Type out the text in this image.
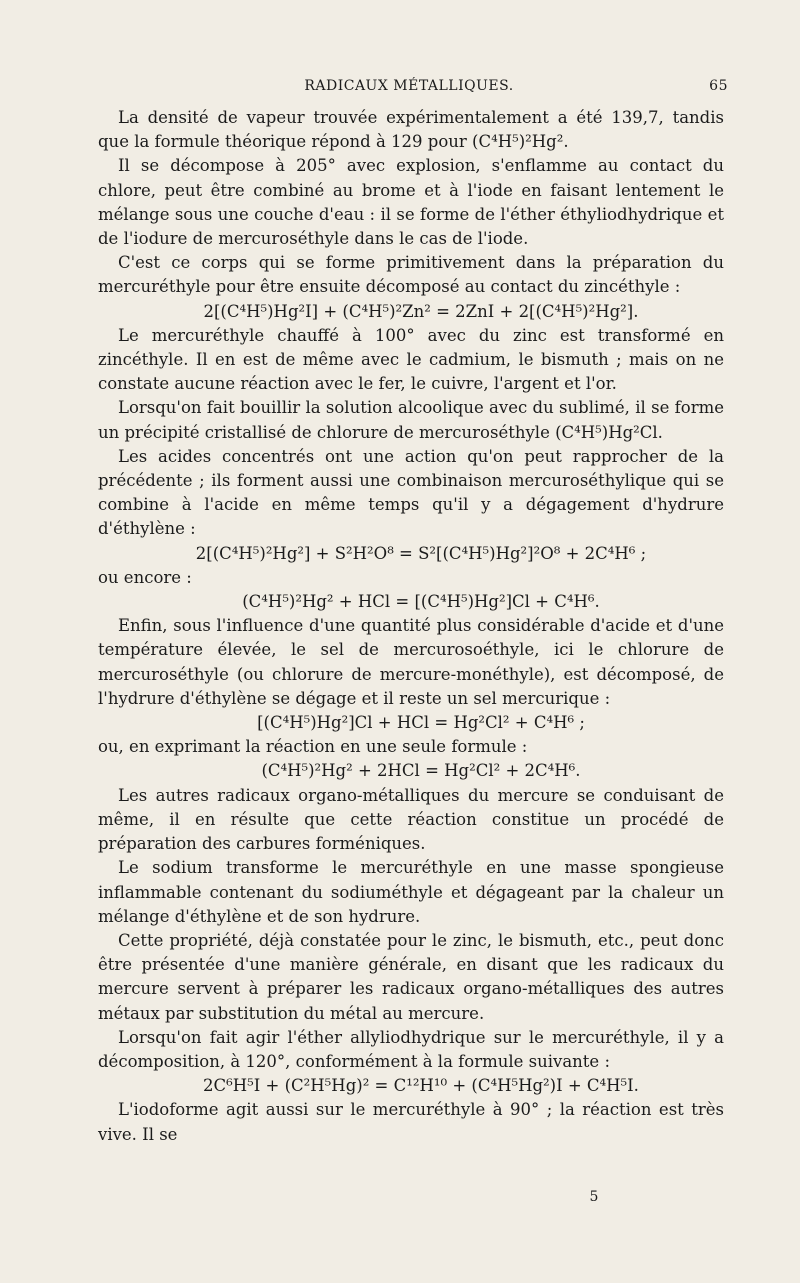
RADICAUX MÉTALLIQUES.	65

La densité de vapeur trouvée expérimentalement a été 139,7, tandis que la formule théorique répond à 129 pour (C⁴H⁵)²Hg².

Il se décompose à 205° avec explosion, s'enflamme au contact du chlore, peut être combiné au brome et à l'iode en faisant lentement le mélange sous une couche d'eau : il se forme de l'éther éthyliodhydrique et de l'iodure de mercuroséthyle dans le cas de l'iode.

C'est ce corps qui se forme primitivement dans la préparation du mercuréthyle pour être ensuite décomposé au contact du zincéthyle :

2[(C⁴H⁵)Hg²I] + (C⁴H⁵)²Zn² = 2ZnI + 2[(C⁴H⁵)²Hg²].

Le mercuréthyle chauffé à 100° avec du zinc est transformé en zincéthyle. Il en est de même avec le cadmium, le bismuth ; mais on ne constate aucune réaction avec le fer, le cuivre, l'argent et l'or.

Lorsqu'on fait bouillir la solution alcoolique avec du sublimé, il se forme un précipité cristallisé de chlorure de mercuroséthyle (C⁴H⁵)Hg²Cl.

Les acides concentrés ont une action qu'on peut rapprocher de la précédente ; ils forment aussi une combinaison mercuroséthylique qui se combine à l'acide en même temps qu'il y a dégagement d'hydrure d'éthylène :

2[(C⁴H⁵)²Hg²] + S²H²O⁸ = S²[(C⁴H⁵)Hg²]²O⁸ + 2C⁴H⁶ ;

ou encore :

(C⁴H⁵)²Hg² + HCl = [(C⁴H⁵)Hg²]Cl + C⁴H⁶.

Enfin, sous l'influence d'une quantité plus considérable d'acide et d'une température élevée, le sel de mercurosoéthyle, ici le chlorure de mercuroséthyle (ou chlorure de mercure-monéthyle), est décomposé, de l'hydrure d'éthylène se dégage et il reste un sel mercurique :

[(C⁴H⁵)Hg²]Cl + HCl = Hg²Cl² + C⁴H⁶ ;

ou, en exprimant la réaction en une seule formule :

(C⁴H⁵)²Hg² + 2HCl = Hg²Cl² + 2C⁴H⁶.

Les autres radicaux organo-métalliques du mercure se conduisant de même, il en résulte que cette réaction constitue un procédé de préparation des carbures forméniques.

Le sodium transforme le mercuréthyle en une masse spongieuse inflammable contenant du sodiuméthyle et dégageant par la chaleur un mélange d'éthylène et de son hydrure.

Cette propriété, déjà constatée pour le zinc, le bismuth, etc., peut donc être présentée d'une manière générale, en disant que les radicaux du mercure servent à préparer les radicaux organo-métalliques des autres métaux par substitution du métal au mercure.

Lorsqu'on fait agir l'éther allyliodhydrique sur le mercuréthyle, il y a décomposition, à 120°, conformément à la formule suivante :

2C⁶H⁵I + (C²H⁵Hg)² = C¹²H¹⁰ + (C⁴H⁵Hg²)I + C⁴H⁵I.

L'iodoforme agit aussi sur le mercuréthyle à 90° ; la réaction est très vive. Il se

5
